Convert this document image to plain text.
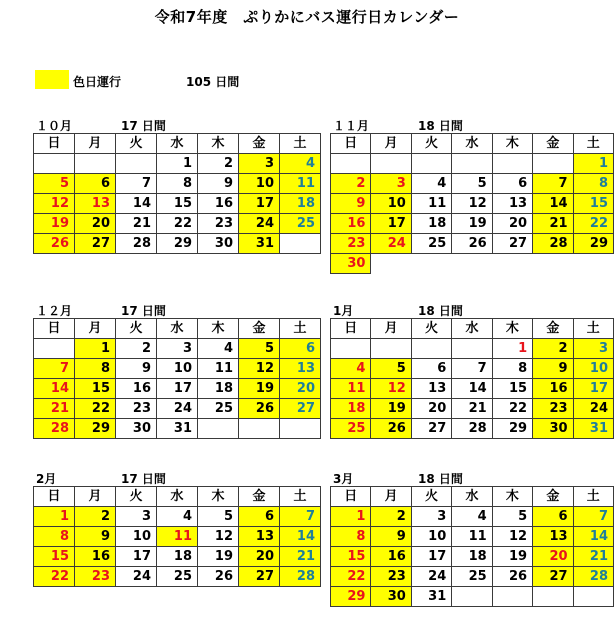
令和7年度　ぷりかにバス運行日カレンダー
色日運行	105 日間
１０月	17 日間
日	月	火	水	木	金	土
			1	2	3	4
5	6	7	8	9	10	11
12	13	14	15	16	17	18
19	20	21	22	23	24	25
26	27	28	29	30	31	
１１月	18 日間
日	月	火	水	木	金	土
						1
2	3	4	5	6	7	8
9	10	11	12	13	14	15
16	17	18	19	20	21	22
23	24	25	26	27	28	29
30						
１２月	17 日間
日	月	火	水	木	金	土
	1	2	3	4	5	6
7	8	9	10	11	12	13
14	15	16	17	18	19	20
21	22	23	24	25	26	27
28	29	30	31			
1月	18 日間
日	月	火	水	木	金	土
				1	2	3
4	5	6	7	8	9	10
11	12	13	14	15	16	17
18	19	20	21	22	23	24
25	26	27	28	29	30	31
2月	17 日間
日	月	火	水	木	金	土
1	2	3	4	5	6	7
8	9	10	11	12	13	14
15	16	17	18	19	20	21
22	23	24	25	26	27	28
3月	18 日間
日	月	火	水	木	金	土
1	2	3	4	5	6	7
8	9	10	11	12	13	14
15	16	17	18	19	20	21
22	23	24	25	26	27	28
29	30	31				
